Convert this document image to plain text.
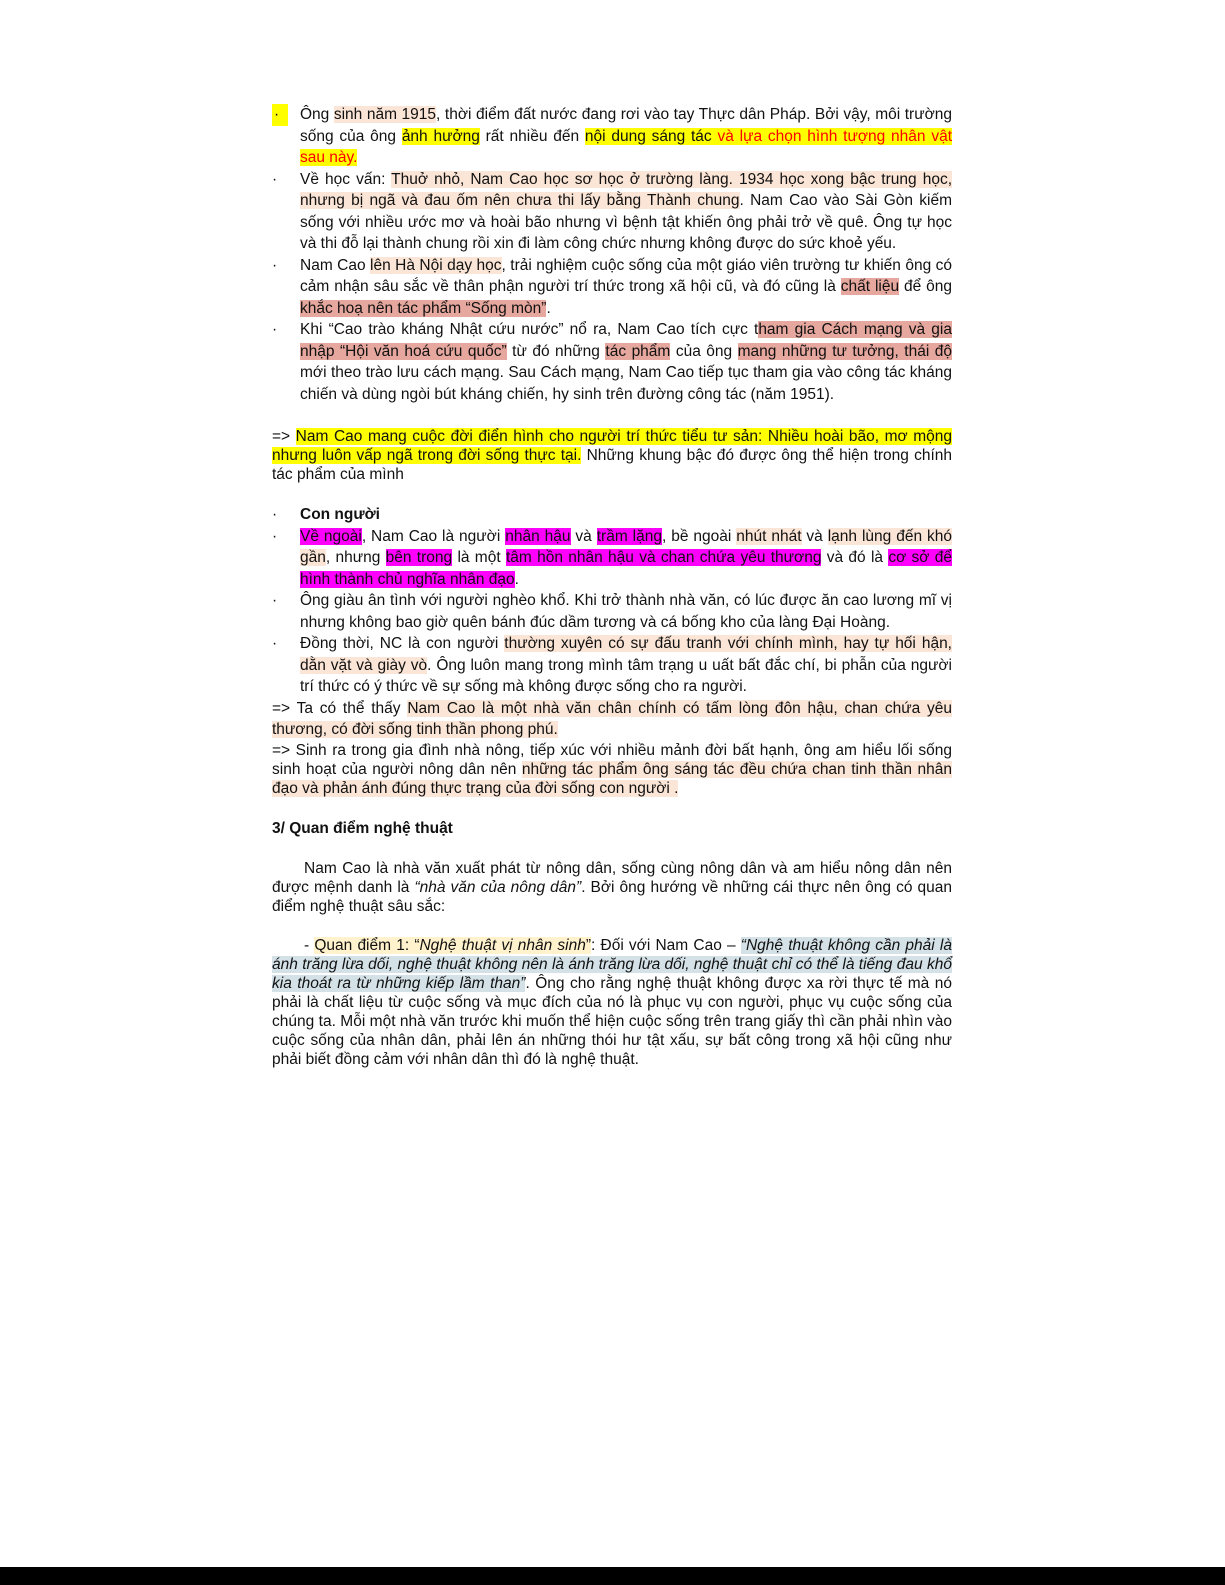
·	Ông sinh năm 1915, thời điểm đất nước đang rơi vào tay Thực dân Pháp. Bởi vậy, môi trường sống của ông ảnh hưởng rất nhiều đến nội dung sáng tác và lựa chọn hình tượng nhân vật sau này.
· Về học vấn: Thuở nhỏ, Nam Cao học sơ học ở trường làng. 1934 học xong bậc trung học, nhưng bị ngã và đau ốm nên chưa thi lấy bằng Thành chung. Nam Cao vào Sài Gòn kiếm sống với nhiều ước mơ và hoài bão nhưng vì bệnh tật khiến ông phải trở về quê. Ông tự học và thi đỗ lại thành chung rồi xin đi làm công chức nhưng không được do sức khoẻ yếu.
· Nam Cao lên Hà Nội dạy học, trải nghiệm cuộc sống của một giáo viên trường tư khiến ông có cảm nhận sâu sắc về thân phận người trí thức trong xã hội cũ, và đó cũng là chất liệu để ông khắc hoạ nên tác phẩm “Sống mòn”.
· Khi “Cao trào kháng Nhật cứu nước” nổ ra, Nam Cao tích cực tham gia Cách mạng và gia nhập “Hội văn hoá cứu quốc” từ đó những tác phẩm của ông mang những tư tưởng, thái độ mới theo trào lưu cách mạng. Sau Cách mạng, Nam Cao tiếp tục tham gia vào công tác kháng chiến và dùng ngòi bút kháng chiến, hy sinh trên đường công tác (năm 1951).

=> Nam Cao mang cuộc đời điển hình cho người trí thức tiểu tư sản: Nhiều hoài bão, mơ mộng nhưng luôn vấp ngã trong đời sống thực tại. Những khung bậc đó được ông thể hiện trong chính tác phẩm của mình

· Con người
· Về ngoài, Nam Cao là người nhân hậu và trầm lặng, bề ngoài nhút nhát và lạnh lùng đến khó gần, nhưng bên trong là một tâm hồn nhân hậu và chan chứa yêu thương và đó là cơ sở để hình thành chủ nghĩa nhân đạo.
· Ông giàu ân tình với người nghèo khổ. Khi trở thành nhà văn, có lúc được ăn cao lương mĩ vị nhưng không bao giờ quên bánh đúc dầm tương và cá bống kho của làng Đại Hoàng.
· Đồng thời, NC là con người thường xuyên có sự đấu tranh với chính mình, hay tự hối hận, dằn vặt và giày vò. Ông luôn mang trong mình tâm trạng u uất bất đắc chí, bi phẫn của người trí thức có ý thức về sự sống mà không được sống cho ra người.

=> Ta có thể thấy Nam Cao là một nhà văn chân chính có tấm lòng đôn hậu, chan chứa yêu thương, có đời sống tinh thần phong phú.

=> Sinh ra trong gia đình nhà nông, tiếp xúc với nhiều mảnh đời bất hạnh, ông am hiểu lối sống sinh hoạt của người nông dân nên những tác phẩm ông sáng tác đều chứa chan tinh thần nhân đạo và phản ánh đúng thực trạng của đời sống con người .

3/ Quan điểm nghệ thuật

Nam Cao là nhà văn xuất phát từ nông dân, sống cùng nông dân và am hiểu nông dân nên được mệnh danh là “nhà văn của nông dân”. Bởi ông hướng về những cái thực nên ông có quan điểm nghệ thuật sâu sắc:

- Quan điểm 1: “Nghệ thuật vị nhân sinh”: Đối với Nam Cao – “Nghệ thuật không cần phải là ánh trăng lừa dối, nghệ thuật không nên là ánh trăng lừa dối, nghệ thuật chỉ có thể là tiếng đau khổ kia thoát ra từ những kiếp lầm than”. Ông cho rằng nghệ thuật không được xa rời thực tế mà nó phải là chất liệu từ cuộc sống và mục đích của nó là phục vụ con người, phục vụ cuộc sống của chúng ta. Mỗi một nhà văn trước khi muốn thể hiện cuộc sống trên trang giấy thì cần phải nhìn vào cuộc sống của nhân dân, phải lên án những thói hư tật xấu, sự bất công trong xã hội cũng như phải biết đồng cảm với nhân dân thì đó là nghệ thuật.
